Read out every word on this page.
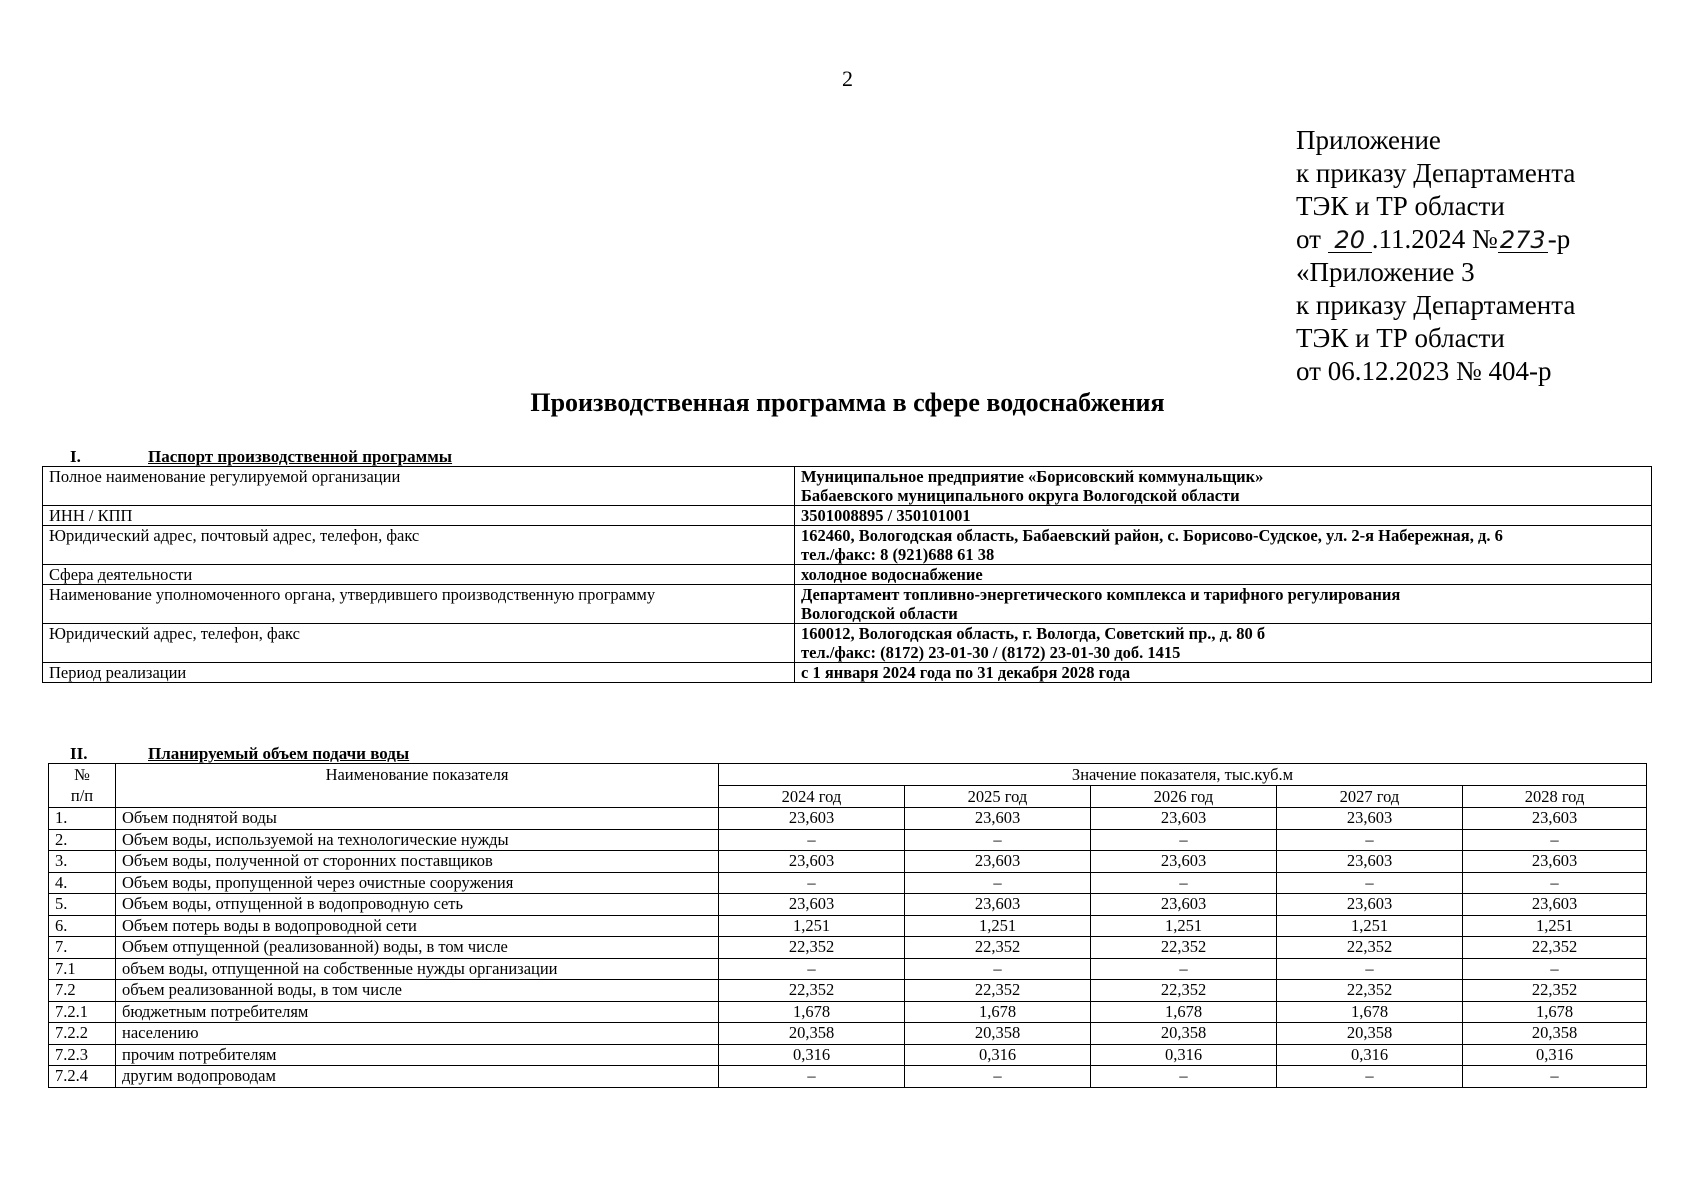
2
Приложение
к приказу Департамента
ТЭК и ТР области
от 20 .11.2024 №273-р
«Приложение 3
к приказу Департамента
ТЭК и ТР области
от 06.12.2023 № 404-р
Производственная программа в сфере водоснабжения
I.	Паспорт производственной программы
Полное наименование регулируемой организации	Муниципальное предприятие «Борисовский коммунальщик»
Бабаевского муниципального округа Вологодской области

ИНН / КПП	3501008895 / 350101001

Юридический адрес, почтовый адрес, телефон, факс	162460, Вологодская область, Бабаевский район, с. Борисово-Судское, ул. 2-я Набережная, д. 6
тел./факс: 8 (921)688 61 38

Сфера деятельности	холодное водоснабжение

Наименование уполномоченного органа, утвердившего производственную программу	Департамент топливно-энергетического комплекса и тарифного регулирования
Вологодской области

Юридический адрес, телефон, факс	160012, Вологодская область, г. Вологда, Советский пр., д. 80 б
тел./факс: (8172) 23-01-30 / (8172) 23-01-30 доб. 1415

Период реализации	с 1 января 2024 года по 31 декабря 2028 года
II.	Планируемый объем подачи воды
№
п/п	Наименование показателя	Значение показателя, тыс.куб.м				
		2024 год	2025 год	2026 год	2027 год	2028 год
1.	Объем поднятой воды	23,603	23,603	23,603	23,603	23,603
2.	Объем воды, используемой на технологические нужды	–	–	–	–	–
3.	Объем воды, полученной от сторонних поставщиков	23,603	23,603	23,603	23,603	23,603
4.	Объем воды, пропущенной через очистные сооружения	–	–	–	–	–
5.	Объем воды, отпущенной в водопроводную сеть	23,603	23,603	23,603	23,603	23,603
6.	Объем потерь воды в водопроводной сети	1,251	1,251	1,251	1,251	1,251
7.	Объем отпущенной (реализованной) воды, в том числе	22,352	22,352	22,352	22,352	22,352
7.1	объем воды, отпущенной на собственные нужды организации	–	–	–	–	–
7.2	объем реализованной воды, в том числе	22,352	22,352	22,352	22,352	22,352
7.2.1	бюджетным потребителям	1,678	1,678	1,678	1,678	1,678
7.2.2	населению	20,358	20,358	20,358	20,358	20,358
7.2.3	прочим потребителям	0,316	0,316	0,316	0,316	0,316
7.2.4	другим водопроводам	–	–	–	–	–
